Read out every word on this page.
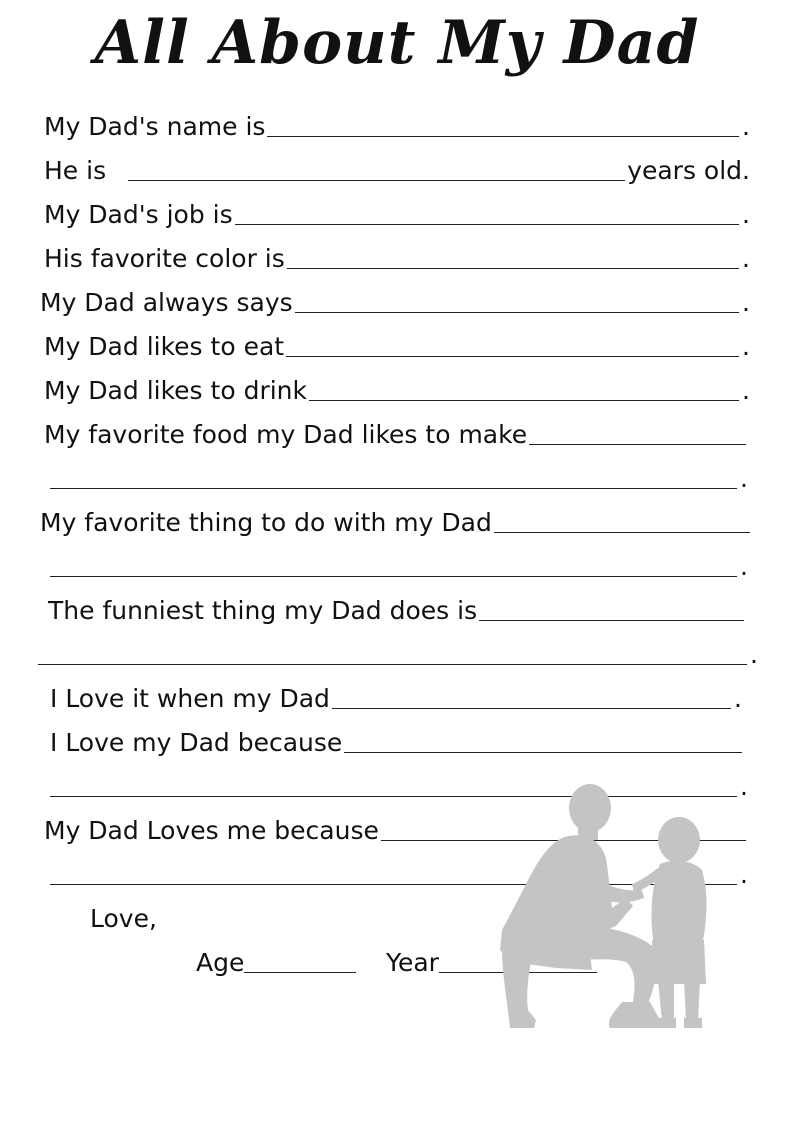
All About My Dad
My Dad's name is	.
He is	years old.
My Dad's job is	.
His favorite color is	.
My Dad always says	.
My Dad likes to eat	.
My Dad likes to drink	.
My favorite food my Dad likes to make
.
My favorite thing to do with my Dad
.
The funniest thing my Dad does is
.
I Love it when my Dad	.
I Love my Dad because
.
My Dad Loves me because
.
Love,
Age	Year
